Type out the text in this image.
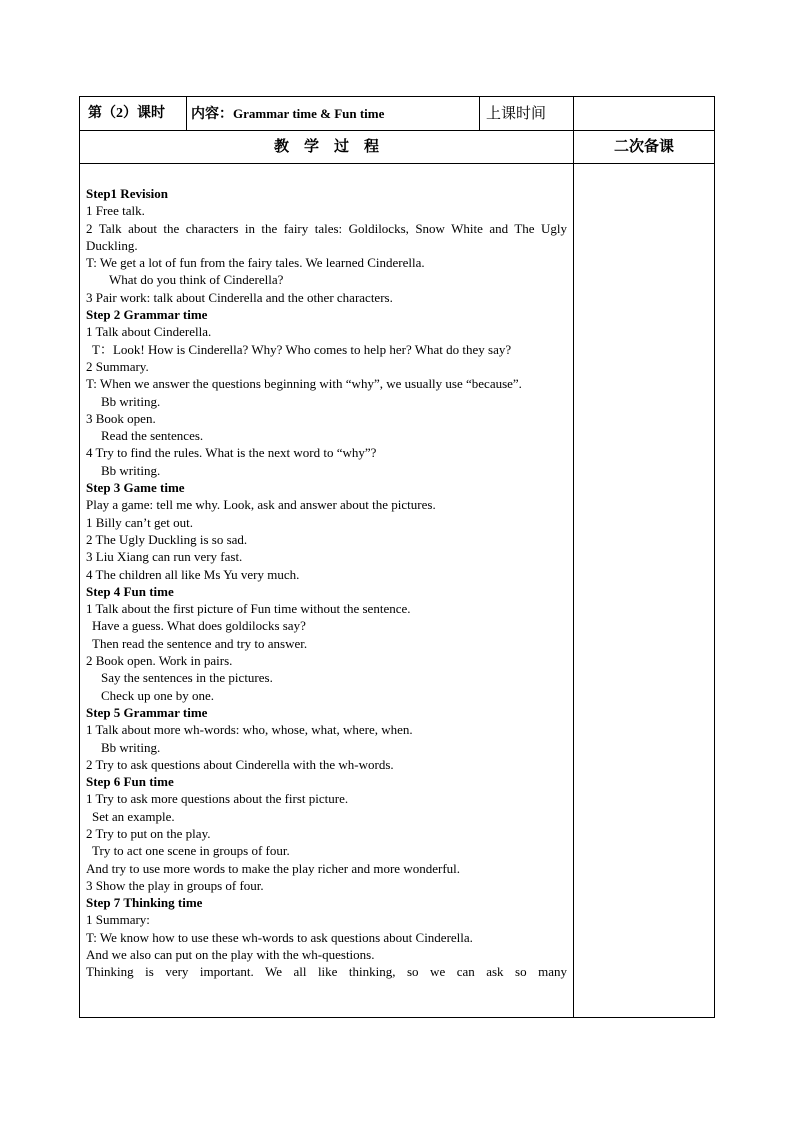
第（2）课时 内容：Grammar time & Fun time	上课时间
教　学　过　程	二次备课

Step1 Revision

1 Free talk.

2 Talk about the characters in the fairy tales: Goldilocks, Snow White and The Ugly Duckling.

T: We get a lot of fun from the fairy tales. We learned Cinderella.

What do you think of Cinderella?

3 Pair work: talk about Cinderella and the other characters.

Step 2 Grammar time

1 Talk about Cinderella.

T：Look! How is Cinderella? Why? Who comes to help her? What do they say?

2 Summary.

T: When we answer the questions beginning with “why”, we usually use “because”.

Bb writing.

3 Book open.

Read the sentences.

4 Try to find the rules. What is the next word to “why”?

Bb writing.

Step 3 Game time

Play a game: tell me why. Look, ask and answer about the pictures.

1 Billy can’t get out.

2 The Ugly Duckling is so sad.

3 Liu Xiang can run very fast.

4 The children all like Ms Yu very much.

Step 4 Fun time

1 Talk about the first picture of Fun time without the sentence.

Have a guess. What does goldilocks say?

Then read the sentence and try to answer.

2 Book open. Work in pairs.

Say the sentences in the pictures.

Check up one by one.

Step 5 Grammar time

1 Talk about more wh-words: who, whose, what, where, when.

Bb writing.

2 Try to ask questions about Cinderella with the wh-words.

Step 6 Fun time

1 Try to ask more questions about the first picture.

Set an example.

2 Try to put on the play.

Try to act one scene in groups of four.

And try to use more words to make the play richer and more wonderful.

3 Show the play in groups of four.

Step 7 Thinking time

1 Summary:

T: We know how to use these wh-words to ask questions about Cinderella.

And we also can put on the play with the wh-questions.

Thinking is very important. We all like thinking, so we can ask so many
